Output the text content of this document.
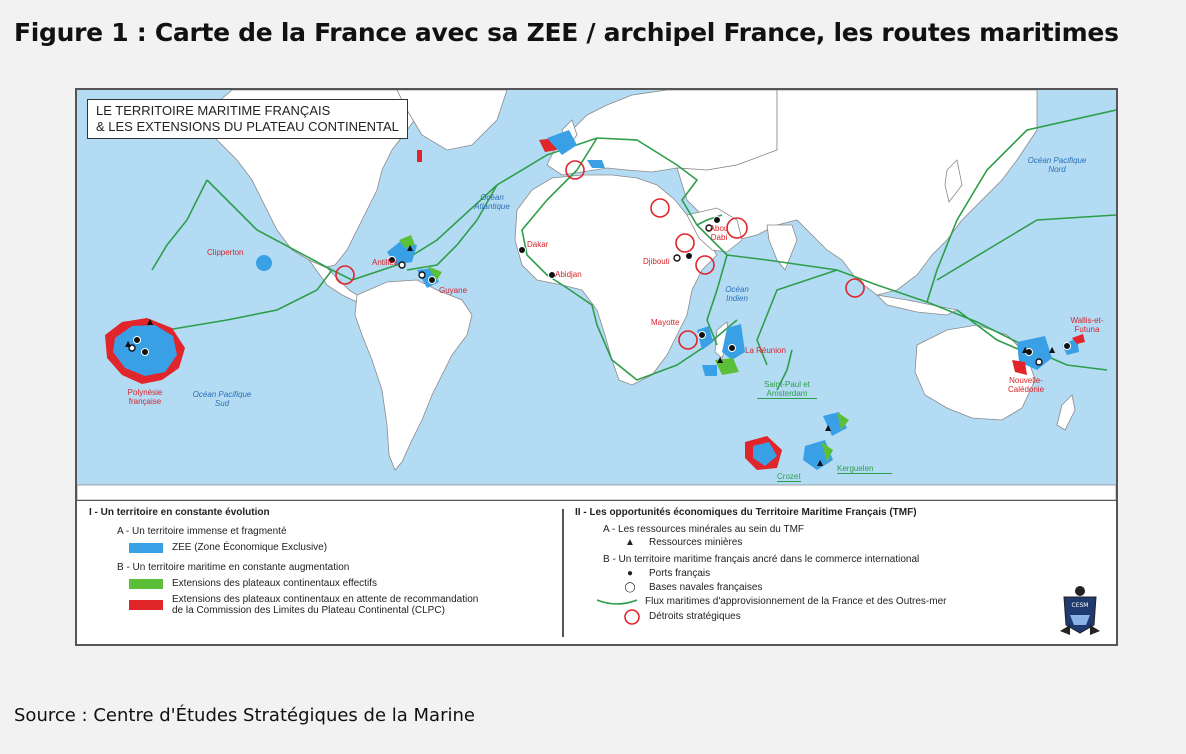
Figure 1 : Carte de la France avec sa ZEE / archipel France, les routes maritimes
▲
▲
▲
▲
▲
▲
▲	▲
LE TERRITOIRE MARITIME FRANÇAIS
& LES EXTENSIONS DU PLATEAU CONTINENTAL
Océan Atlantique
Océan Pacifique Nord
Océan Pacifique Sud
Océan Indien
Clipperton
Antilles
Guyane
Dakar
Abidjan
Djibouti
Abou Dabi
Mayotte
La Réunion
Polynésie française
Nouvelle-Calédonie
Wallis-et-Futuna
Saint-Paul et Amsterdam
Crozet
Kerguelen
I - Un territoire en constante évolution
A - Un territoire immense et fragmenté
ZEE (Zone Économique Exclusive)
B - Un territoire maritime en constante augmentation
Extensions des plateaux continentaux effectifs
Extensions des plateaux continentaux en attente de recommandation
de la Commission des Limites du Plateau Continental (CLPC)
II - Les opportunités économiques du Territoire Maritime Français (TMF)
A - Les ressources minérales au sein du TMF
▲ Ressources minières
B - Un territoire maritime français ancré dans le commerce international
●	Ports français
◯ Bases navales françaises
Flux maritimes d'approvisionnement de la France et des Outres-mer
Détroits stratégiques
CESM
Source : Centre d'Études Stratégiques de la Marine
